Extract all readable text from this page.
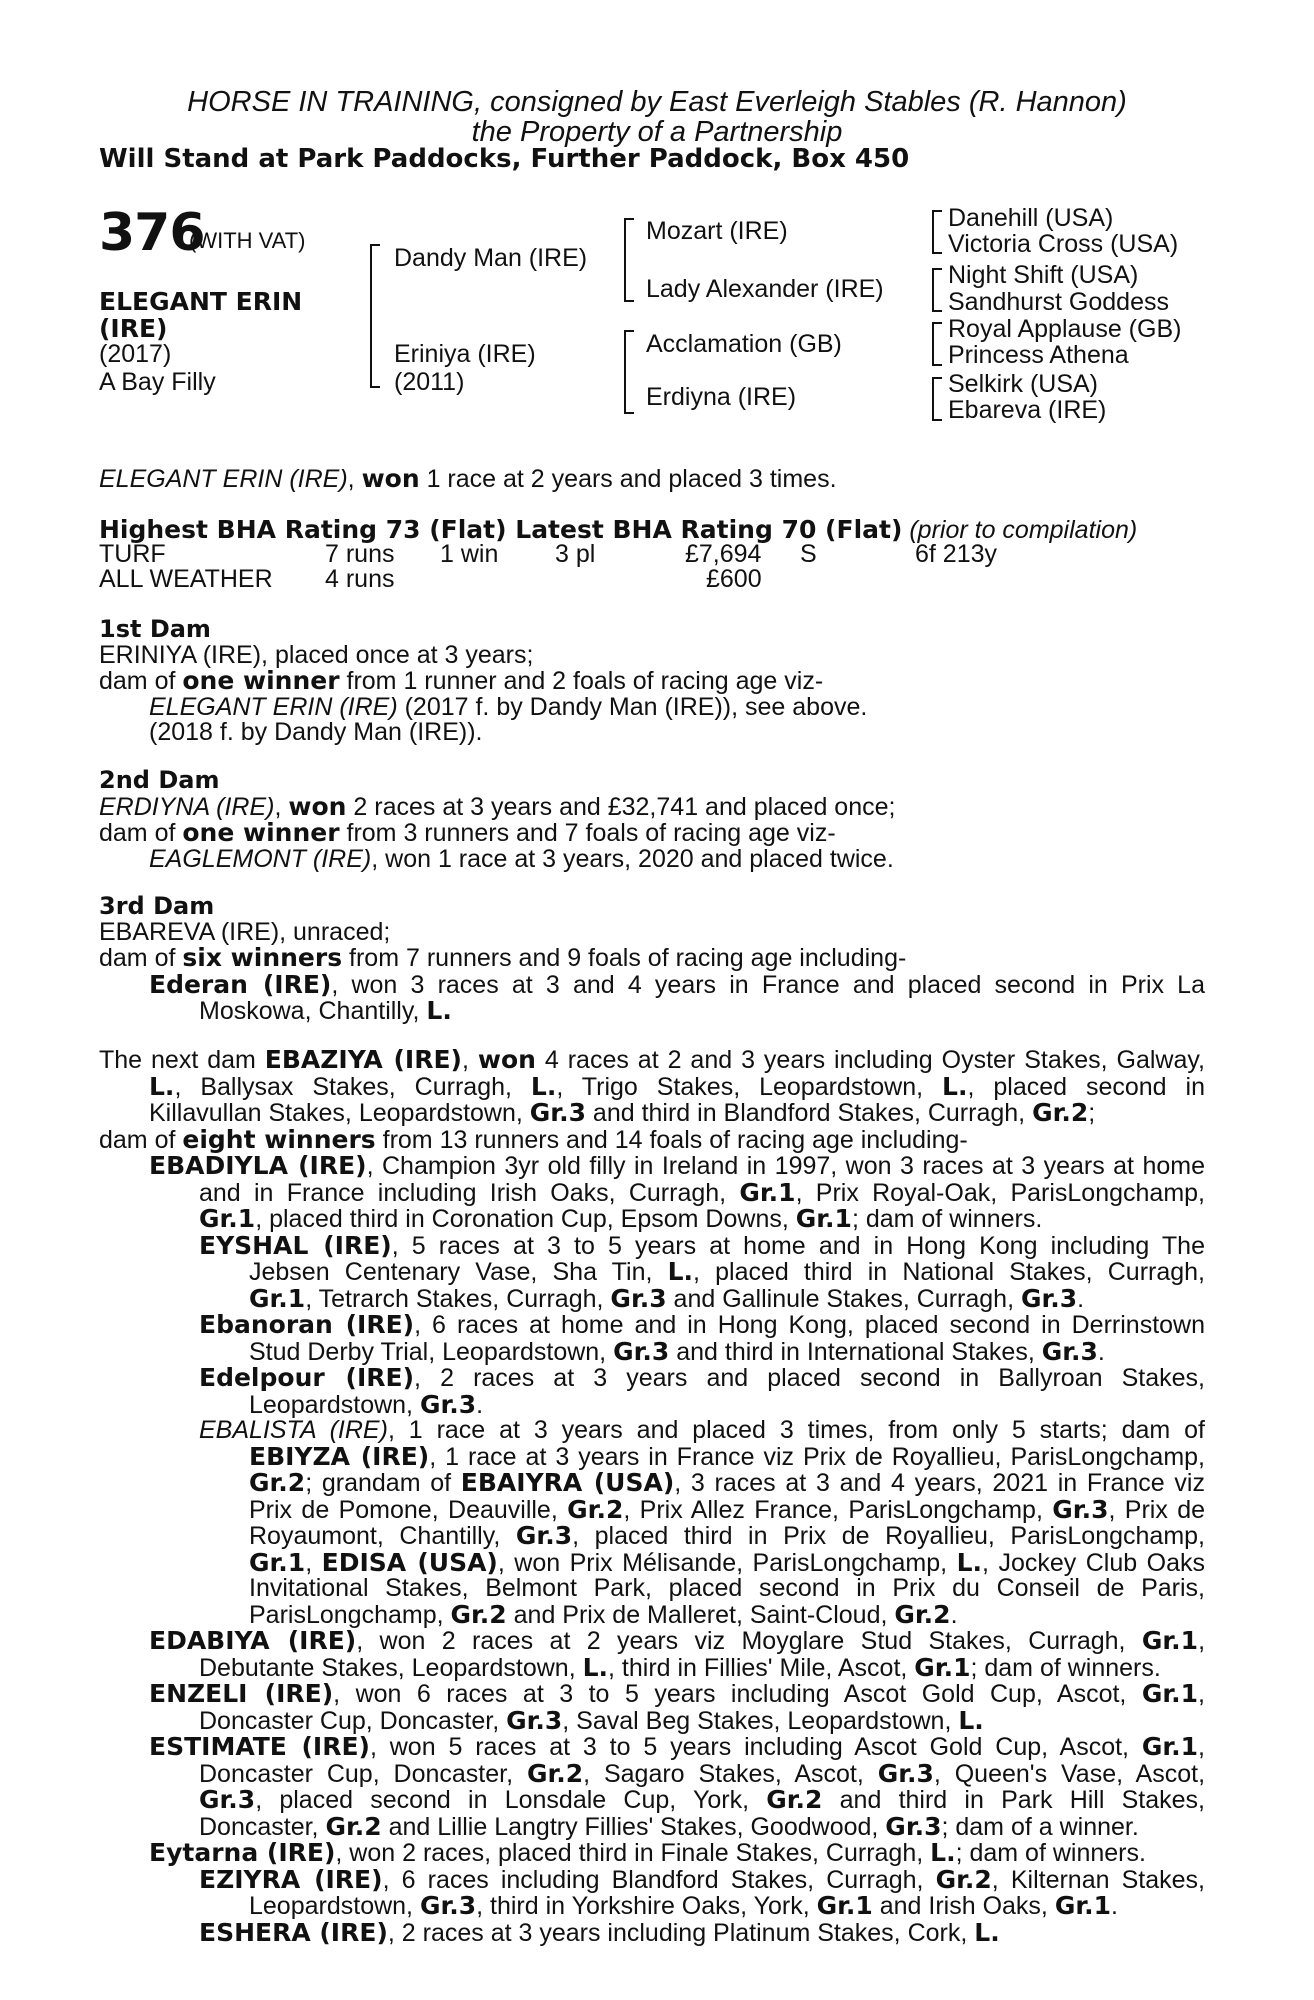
HORSE IN TRAINING, consigned by East Everleigh Stables (R. Hannon)
the Property of a Partnership
Will Stand at Park Paddocks, Further Paddock, Box 450
376
(WITH VAT)
ELEGANT ERIN
(IRE)
(2017)
A Bay Filly
Dandy Man (IRE)
Eriniya (IRE)
(2011)
Mozart (IRE)
Lady Alexander (IRE)
Acclamation (GB)
Erdiyna (IRE)
Danehill (USA)
Victoria Cross (USA)
Night Shift (USA)
Sandhurst Goddess
Royal Applause (GB)
Princess Athena
Selkirk (USA)
Ebareva (IRE)
ELEGANT ERIN (IRE), won 1 race at 2 years and placed 3 times.
Highest BHA Rating 73 (Flat) Latest BHA Rating 70 (Flat) (prior to compilation)
TURF	7 runs 1 win 3 pl	£7,694 S	6f 213y
ALL WEATHER 4 runs	£600
1st Dam
ERINIYA (IRE), placed once at 3 years;
dam of one winner from 1 runner and 2 foals of racing age viz-
ELEGANT ERIN (IRE) (2017 f. by Dandy Man (IRE)), see above.
(2018 f. by Dandy Man (IRE)).
2nd Dam
ERDIYNA (IRE), won 2 races at 3 years and £32,741 and placed once;
dam of one winner from 3 runners and 7 foals of racing age viz-
EAGLEMONT (IRE), won 1 race at 3 years, 2020 and placed twice.
3rd Dam
EBAREVA (IRE), unraced;
dam of six winners from 7 runners and 9 foals of racing age including-
Ederan (IRE), won 3 races at 3 and 4 years in France and placed second in Prix La
Moskowa, Chantilly, L.
The next dam EBAZIYA (IRE), won 4 races at 2 and 3 years including Oyster Stakes, Galway,
L., Ballysax Stakes, Curragh, L., Trigo Stakes, Leopardstown, L., placed second in
Killavullan Stakes, Leopardstown, Gr.3 and third in Blandford Stakes, Curragh, Gr.2;
dam of eight winners from 13 runners and 14 foals of racing age including-
EBADIYLA (IRE), Champion 3yr old filly in Ireland in 1997, won 3 races at 3 years at home
and in France including Irish Oaks, Curragh, Gr.1, Prix Royal-Oak, ParisLongchamp,
Gr.1, placed third in Coronation Cup, Epsom Downs, Gr.1; dam of winners.
EYSHAL (IRE), 5 races at 3 to 5 years at home and in Hong Kong including The
Jebsen Centenary Vase, Sha Tin, L., placed third in National Stakes, Curragh,
Gr.1, Tetrarch Stakes, Curragh, Gr.3 and Gallinule Stakes, Curragh, Gr.3.
Ebanoran (IRE), 6 races at home and in Hong Kong, placed second in Derrinstown
Stud Derby Trial, Leopardstown, Gr.3 and third in International Stakes, Gr.3.
Edelpour (IRE), 2 races at 3 years and placed second in Ballyroan Stakes,
Leopardstown, Gr.3.
EBALISTA (IRE), 1 race at 3 years and placed 3 times, from only 5 starts; dam of
EBIYZA (IRE), 1 race at 3 years in France viz Prix de Royallieu, ParisLongchamp,
Gr.2; grandam of EBAIYRA (USA), 3 races at 3 and 4 years, 2021 in France viz
Prix de Pomone, Deauville, Gr.2, Prix Allez France, ParisLongchamp, Gr.3, Prix de
Royaumont, Chantilly, Gr.3, placed third in Prix de Royallieu, ParisLongchamp,
Gr.1, EDISA (USA), won Prix Mélisande, ParisLongchamp, L., Jockey Club Oaks
Invitational Stakes, Belmont Park, placed second in Prix du Conseil de Paris,
ParisLongchamp, Gr.2 and Prix de Malleret, Saint-Cloud, Gr.2.
EDABIYA (IRE), won 2 races at 2 years viz Moyglare Stud Stakes, Curragh, Gr.1,
Debutante Stakes, Leopardstown, L., third in Fillies' Mile, Ascot, Gr.1; dam of winners.
ENZELI (IRE), won 6 races at 3 to 5 years including Ascot Gold Cup, Ascot, Gr.1,
Doncaster Cup, Doncaster, Gr.3, Saval Beg Stakes, Leopardstown, L.
ESTIMATE (IRE), won 5 races at 3 to 5 years including Ascot Gold Cup, Ascot, Gr.1,
Doncaster Cup, Doncaster, Gr.2, Sagaro Stakes, Ascot, Gr.3, Queen's Vase, Ascot,
Gr.3, placed second in Lonsdale Cup, York, Gr.2 and third in Park Hill Stakes,
Doncaster, Gr.2 and Lillie Langtry Fillies' Stakes, Goodwood, Gr.3; dam of a winner.
Eytarna (IRE), won 2 races, placed third in Finale Stakes, Curragh, L.; dam of winners.
EZIYRA (IRE), 6 races including Blandford Stakes, Curragh, Gr.2, Kilternan Stakes,
Leopardstown, Gr.3, third in Yorkshire Oaks, York, Gr.1 and Irish Oaks, Gr.1.
ESHERA (IRE), 2 races at 3 years including Platinum Stakes, Cork, L.
